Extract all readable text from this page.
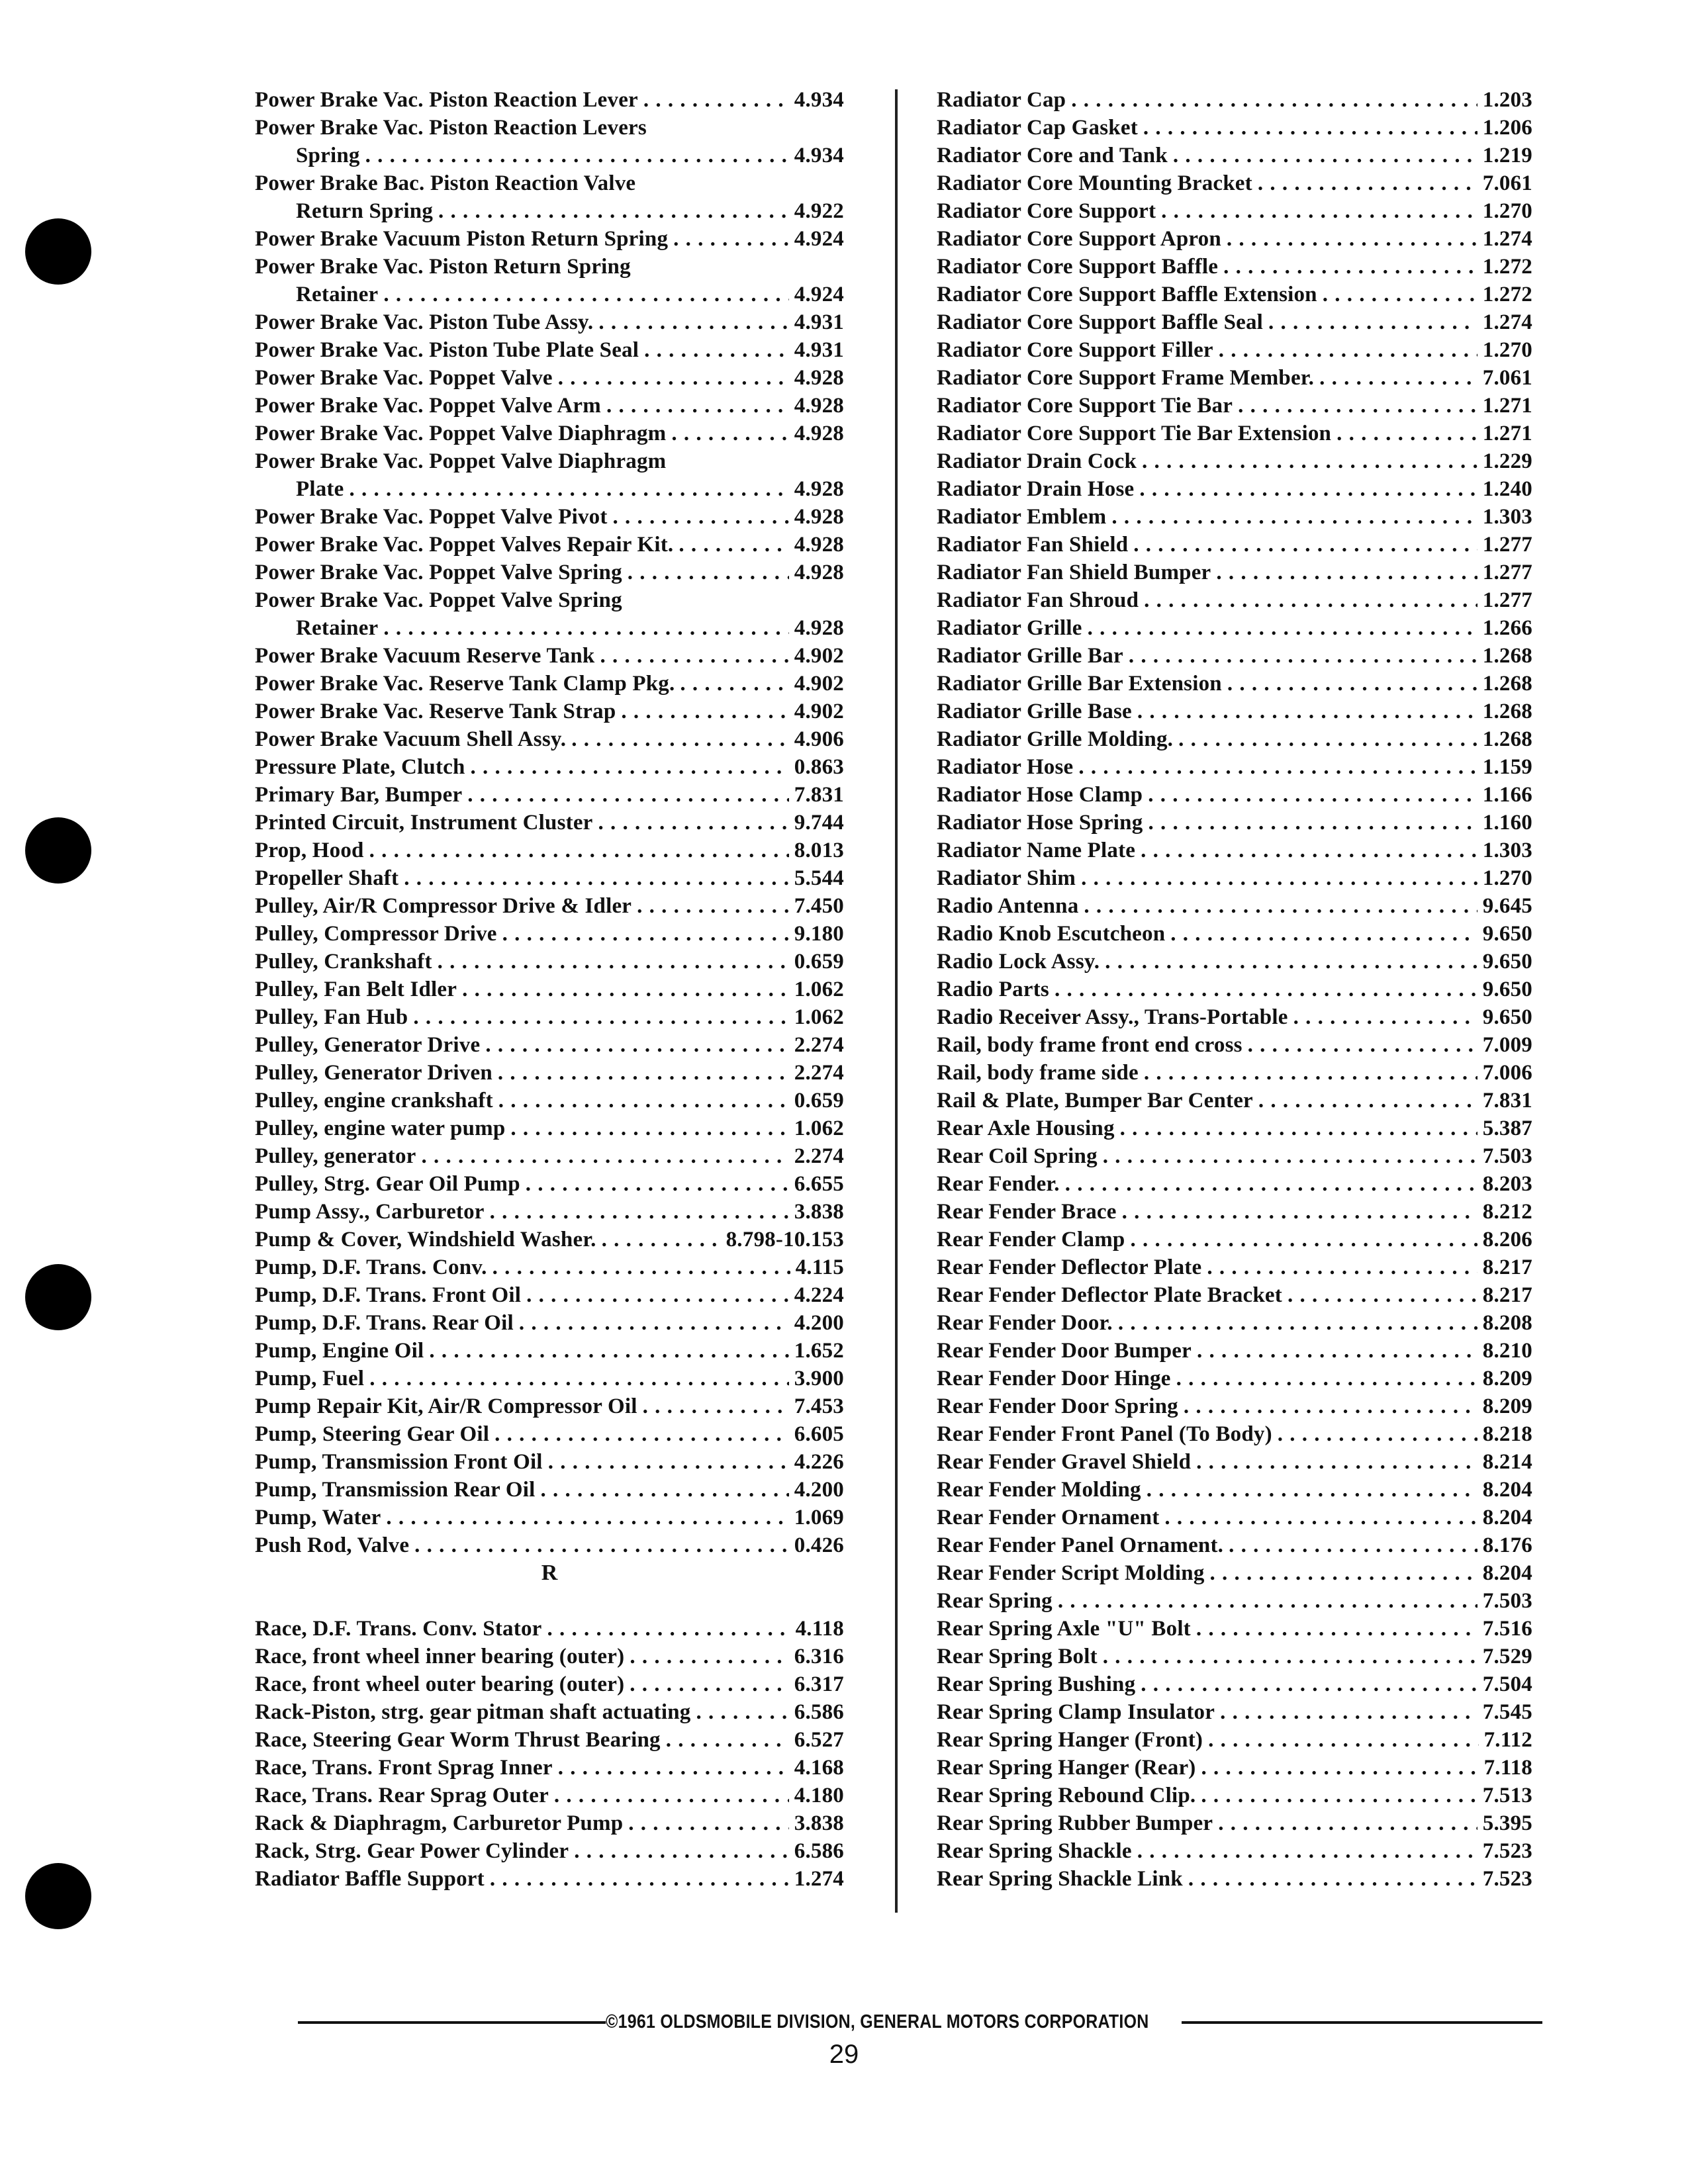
Power Brake Vac. Piston Reaction Lever . . .	4.934
Power Brake Vac. Piston Reaction Levers
Spring . . .	4.934
Power Brake Bac. Piston Reaction Valve
Return Spring . . .	4.922
Power Brake Vacuum Piston Return Spring . . .	4.924
Power Brake Vac. Piston Return Spring
Retainer . . .	4.924
Power Brake Vac. Piston Tube Assy. . . .	4.931
Power Brake Vac. Piston Tube Plate Seal . . .	4.931
Power Brake Vac. Poppet Valve . . .	4.928
Power Brake Vac. Poppet Valve Arm . . .	4.928
Power Brake Vac. Poppet Valve Diaphragm . . .	4.928
Power Brake Vac. Poppet Valve Diaphragm
Plate . . .	4.928
Power Brake Vac. Poppet Valve Pivot . . .	4.928
Power Brake Vac. Poppet Valves Repair Kit. . . .	4.928
Power Brake Vac. Poppet Valve Spring . . .	4.928
Power Brake Vac. Poppet Valve Spring
Retainer . . .	4.928
Power Brake Vacuum Reserve Tank . . .	4.902
Power Brake Vac. Reserve Tank Clamp Pkg. . . .	4.902
Power Brake Vac. Reserve Tank Strap . . .	4.902
Power Brake Vacuum Shell Assy. . . .	4.906
Pressure Plate, Clutch . . .	0.863
Primary Bar, Bumper . . .	7.831
Printed Circuit, Instrument Cluster . . .	9.744
Prop, Hood . . .	8.013
Propeller Shaft . . .	5.544
Pulley, Air/R Compressor Drive & Idler . . .	7.450
Pulley, Compressor Drive . . .	9.180
Pulley, Crankshaft . . .	0.659
Pulley, Fan Belt Idler . . .	1.062
Pulley, Fan Hub . . .	1.062
Pulley, Generator Drive . . .	2.274
Pulley, Generator Driven . . .	2.274
Pulley, engine crankshaft . . .	0.659
Pulley, engine water pump . . .	1.062
Pulley, generator . . .	2.274
Pulley, Strg. Gear Oil Pump . . .	6.655
Pump Assy., Carburetor . . .	3.838
Pump & Cover, Windshield Washer. . . .	8.798-10.153
Pump, D.F. Trans. Conv. . . .	4.115
Pump, D.F. Trans. Front Oil . . .	4.224
Pump, D.F. Trans. Rear Oil . . .	4.200
Pump, Engine Oil . . .	1.652
Pump, Fuel . . .	3.900
Pump Repair Kit, Air/R Compressor Oil . . .	7.453
Pump, Steering Gear Oil . . .	6.605
Pump, Transmission Front Oil . . .	4.226
Pump, Transmission Rear Oil . . .	4.200
Pump, Water . . .	1.069
Push Rod, Valve . . .	0.426
R
Race, D.F. Trans. Conv. Stator . . .	4.118
Race, front wheel inner bearing (outer) . . .	6.316
Race, front wheel outer bearing (outer) . . .	6.317
Rack-Piston, strg. gear pitman shaft actuating . . .	6.586
Race, Steering Gear Worm Thrust Bearing . . .	6.527
Race, Trans. Front Sprag Inner . . .	4.168
Race, Trans. Rear Sprag Outer . . .	4.180
Rack & Diaphragm, Carburetor Pump . . .	3.838
Rack, Strg. Gear Power Cylinder . . .	6.586
Radiator Baffle Support . . .	1.274
Radiator Cap . . .	1.203
Radiator Cap Gasket . . .	1.206
Radiator Core and Tank . . .	1.219
Radiator Core Mounting Bracket . . .	7.061
Radiator Core Support . . .	1.270
Radiator Core Support Apron . . .	1.274
Radiator Core Support Baffle . . .	1.272
Radiator Core Support Baffle Extension . . .	1.272
Radiator Core Support Baffle Seal . . .	1.274
Radiator Core Support Filler . . .	1.270
Radiator Core Support Frame Member. . . .	7.061
Radiator Core Support Tie Bar . . .	1.271
Radiator Core Support Tie Bar Extension . . .	1.271
Radiator Drain Cock . . .	1.229
Radiator Drain Hose . . .	1.240
Radiator Emblem . . .	1.303
Radiator Fan Shield . . .	1.277
Radiator Fan Shield Bumper . . .	1.277
Radiator Fan Shroud . . .	1.277
Radiator Grille . . .	1.266
Radiator Grille Bar . . .	1.268
Radiator Grille Bar Extension . . .	1.268
Radiator Grille Base . . .	1.268
Radiator Grille Molding. . . .	1.268
Radiator Hose . . .	1.159
Radiator Hose Clamp . . .	1.166
Radiator Hose Spring . . .	1.160
Radiator Name Plate . . .	1.303
Radiator Shim . . .	1.270
Radio Antenna . . .	9.645
Radio Knob Escutcheon . . .	9.650
Radio Lock Assy. . . .	9.650
Radio Parts . . .	9.650
Radio Receiver Assy., Trans-Portable . . .	9.650
Rail, body frame front end cross . . .	7.009
Rail, body frame side . . .	7.006
Rail & Plate, Bumper Bar Center . . .	7.831
Rear Axle Housing . . .	5.387
Rear Coil Spring . . .	7.503
Rear Fender. . . .	8.203
Rear Fender Brace . . .	8.212
Rear Fender Clamp . . .	8.206
Rear Fender Deflector Plate . . .	8.217
Rear Fender Deflector Plate Bracket . . .	8.217
Rear Fender Door. . . .	8.208
Rear Fender Door Bumper . . .	8.210
Rear Fender Door Hinge . . .	8.209
Rear Fender Door Spring . . .	8.209
Rear Fender Front Panel (To Body) . . .	8.218
Rear Fender Gravel Shield . . .	8.214
Rear Fender Molding . . .	8.204
Rear Fender Ornament . . .	8.204
Rear Fender Panel Ornament. . . .	8.176
Rear Fender Script Molding . . .	8.204
Rear Spring . . .	7.503
Rear Spring Axle "U" Bolt . . .	7.516
Rear Spring Bolt . . .	7.529
Rear Spring Bushing . . .	7.504
Rear Spring Clamp Insulator . . .	7.545
Rear Spring Hanger (Front) . . .	7.112
Rear Spring Hanger (Rear) . . .	7.118
Rear Spring Rebound Clip. . . .	7.513
Rear Spring Rubber Bumper . . .	5.395
Rear Spring Shackle . . .	7.523
Rear Spring Shackle Link . . .	7.523
©1961 OLDSMOBILE DIVISION, GENERAL MOTORS CORPORATION
29
